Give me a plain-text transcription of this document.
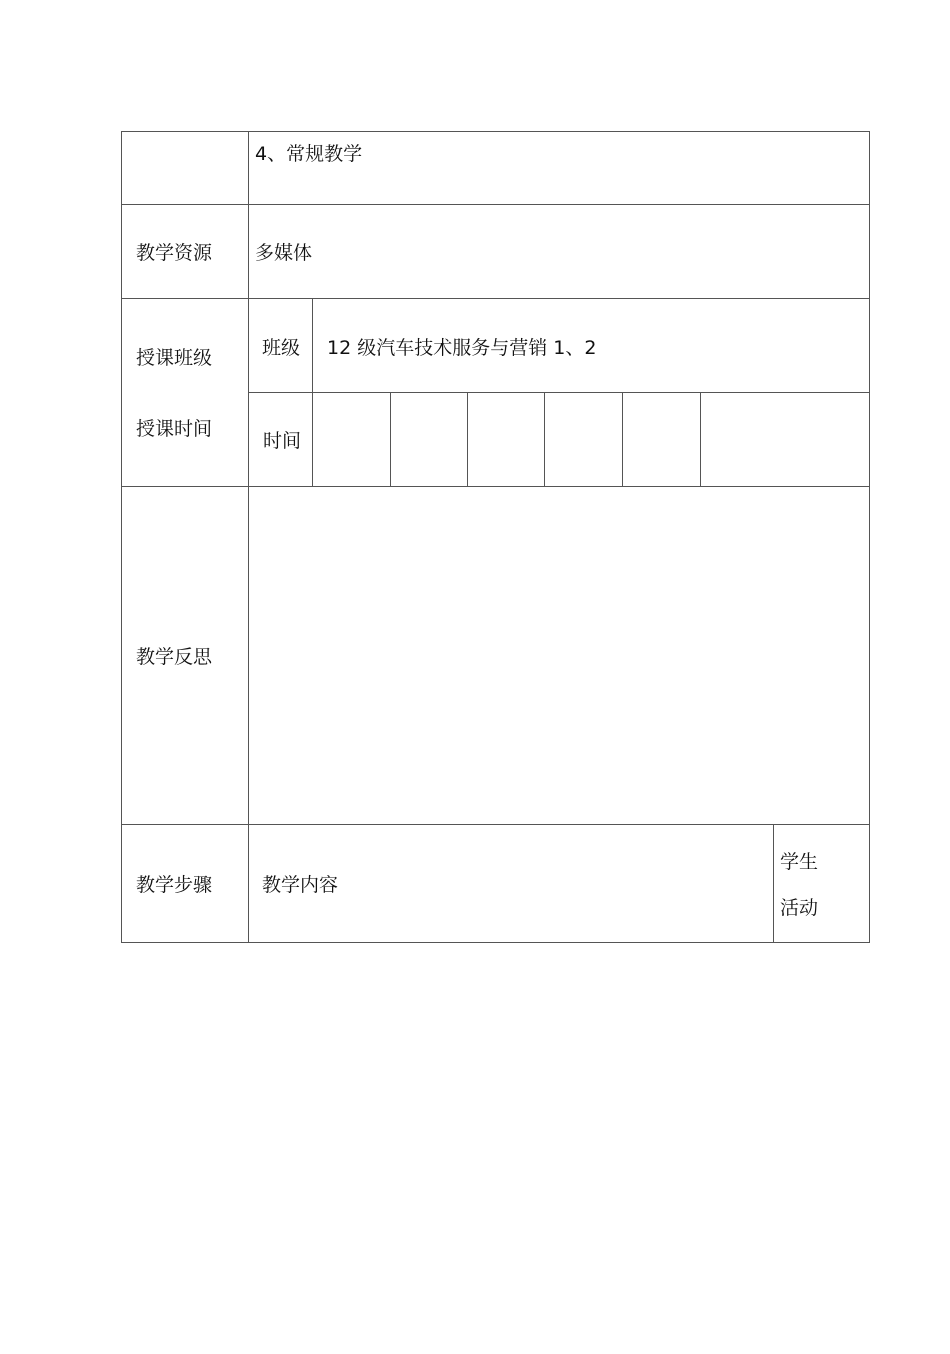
4、常规教学
教学资源 多媒体
授课班级
授课时间
班级 12 级汽车技术服务与营销 1、2
时间
教学反思
教学步骤	教学内容
学生
活动
